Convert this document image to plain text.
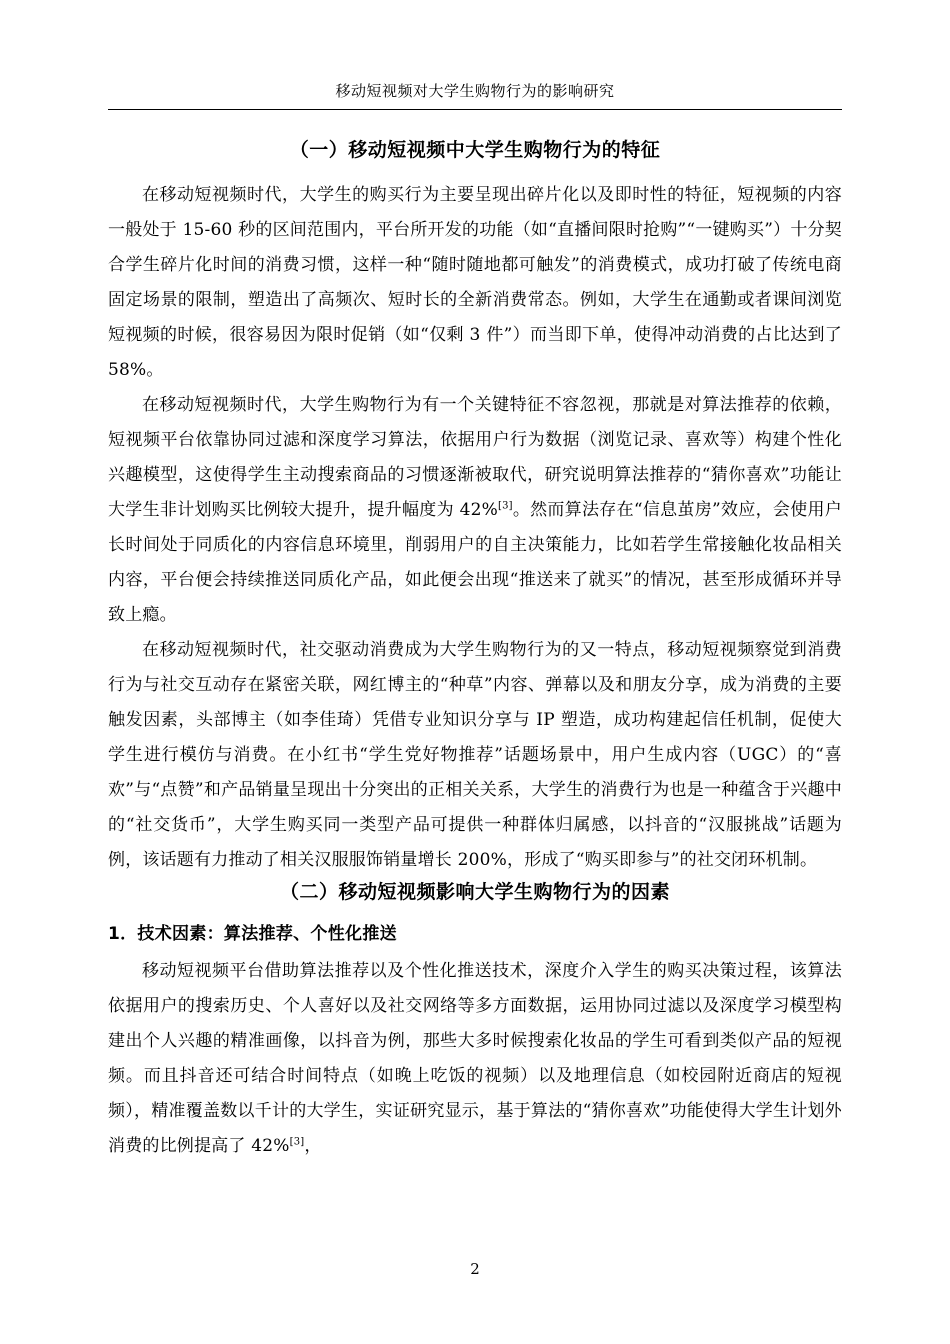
移动短视频对大学生购物行为的影响研究
（一）移动短视频中大学生购物行为的特征

在移动短视频时代，大学生的购买行为主要呈现出碎片化以及即时性的特征，短视频的内容一般处于 15-60 秒的区间范围内，平台所开发的功能（如“直播间限时抢购”“一键购买”）十分契合学生碎片化时间的消费习惯，这样一种“随时随地都可触发”的消费模式，成功打破了传统电商固定场景的限制，塑造出了高频次、短时长的全新消费常态。例如，大学生在通勤或者课间浏览短视频的时候，很容易因为限时促销（如“仅剩 3 件”）而当即下单，使得冲动消费的占比达到了 58%。

在移动短视频时代，大学生购物行为有一个关键特征不容忽视，那就是对算法推荐的依赖，短视频平台依靠协同过滤和深度学习算法，依据用户行为数据（浏览记录、喜欢等）构建个性化兴趣模型，这使得学生主动搜索商品的习惯逐渐被取代，研究说明算法推荐的“猜你喜欢”功能让大学生非计划购买比例较大提升，提升幅度为 42%[3]。然而算法存在“信息茧房”效应，会使用户长时间处于同质化的内容信息环境里，削弱用户的自主决策能力，比如若学生常接触化妆品相关内容，平台便会持续推送同质化产品，如此便会出现“推送来了就买”的情况，甚至形成循环并导致上瘾。

在移动短视频时代，社交驱动消费成为大学生购物行为的又一特点，移动短视频察觉到消费行为与社交互动存在紧密关联，网红博主的“种草”内容、弹幕以及和朋友分享，成为消费的主要触发因素，头部博主（如李佳琦）凭借专业知识分享与 IP 塑造，成功构建起信任机制，促使大学生进行模仿与消费。在小红书“学生党好物推荐”话题场景中，用户生成内容（UGC）的“喜欢”与“点赞”和产品销量呈现出十分突出的正相关关系，大学生的消费行为也是一种蕴含于兴趣中的“社交货币”，大学生购买同一类型产品可提供一种群体归属感，以抖音的“汉服挑战”话题为例，该话题有力推动了相关汉服服饰销量增长 200%，形成了“购买即参与”的社交闭环机制。

（二）移动短视频影响大学生购物行为的因素
1．技术因素：算法推荐、个性化推送

移动短视频平台借助算法推荐以及个性化推送技术，深度介入学生的购买决策过程，该算法依据用户的搜索历史、个人喜好以及社交网络等多方面数据，运用协同过滤以及深度学习模型构建出个人兴趣的精准画像，以抖音为例，那些大多时候搜索化妆品的学生可看到类似产品的短视频。而且抖音还可结合时间特点（如晚上吃饭的视频）以及地理信息（如校园附近商店的短视频），精准覆盖数以千计的大学生，实证研究显示，基于算法的“猜你喜欢”功能使得大学生计划外消费的比例提高了 42%[3]，

2
